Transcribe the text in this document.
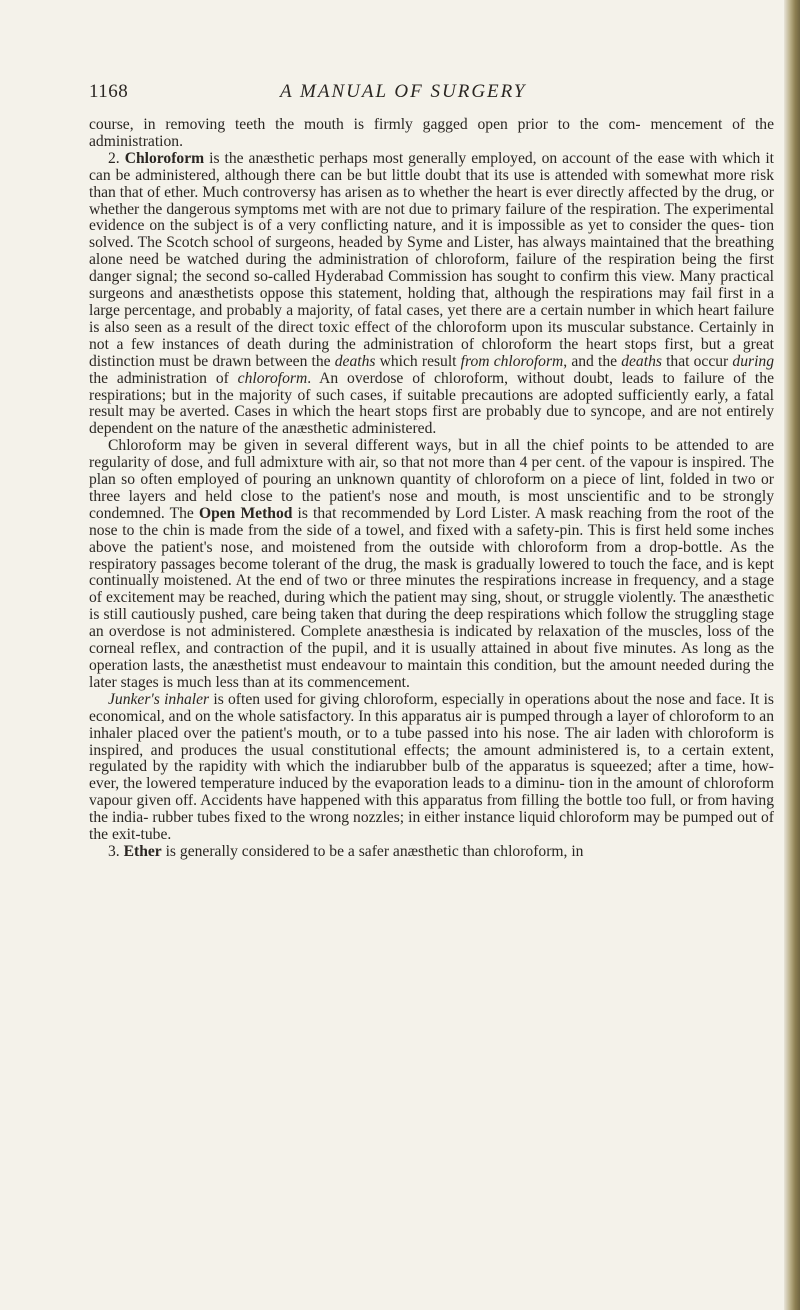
1168	A MANUAL OF SURGERY

course, in removing teeth the mouth is firmly gagged open prior to the com- mencement of the administration.

2. Chloroform is the anæsthetic perhaps most generally employed, on account of the ease with which it can be administered, although there can be but little doubt that its use is attended with somewhat more risk than that of ether. Much controversy has arisen as to whether the heart is ever directly affected by the drug, or whether the dangerous symptoms met with are not due to primary failure of the respiration. The experimental evidence on the subject is of a very conflicting nature, and it is impossible as yet to consider the ques- tion solved. The Scotch school of surgeons, headed by Syme and Lister, has always maintained that the breathing alone need be watched during the administration of chloroform, failure of the respiration being the first danger signal; the second so-called Hyderabad Commission has sought to confirm this view. Many practical surgeons and anæsthetists oppose this statement, holding that, although the respirations may fail first in a large percentage, and probably a majority, of fatal cases, yet there are a certain number in which heart failure is also seen as a result of the direct toxic effect of the chloroform upon its muscular substance. Certainly in not a few instances of death during the administration of chloroform the heart stops first, but a great distinction must be drawn between the deaths which result from chloroform, and the deaths that occur during the administration of chloroform. An overdose of chloroform, without doubt, leads to failure of the respirations; but in the majority of such cases, if suitable precautions are adopted sufficiently early, a fatal result may be averted. Cases in which the heart stops first are probably due to syncope, and are not entirely dependent on the nature of the anæsthetic administered.

Chloroform may be given in several different ways, but in all the chief points to be attended to are regularity of dose, and full admixture with air, so that not more than 4 per cent. of the vapour is inspired. The plan so often employed of pouring an unknown quantity of chloroform on a piece of lint, folded in two or three layers and held close to the patient's nose and mouth, is most unscientific and to be strongly condemned. The Open Method is that recommended by Lord Lister. A mask reaching from the root of the nose to the chin is made from the side of a towel, and fixed with a safety-pin. This is first held some inches above the patient's nose, and moistened from the outside with chloroform from a drop-bottle. As the respiratory passages become tolerant of the drug, the mask is gradually lowered to touch the face, and is kept continually moistened. At the end of two or three minutes the respirations increase in frequency, and a stage of excitement may be reached, during which the patient may sing, shout, or struggle violently. The anæsthetic is still cautiously pushed, care being taken that during the deep respirations which follow the struggling stage an overdose is not administered. Complete anæsthesia is indicated by relaxation of the muscles, loss of the corneal reflex, and contraction of the pupil, and it is usually attained in about five minutes. As long as the operation lasts, the anæsthetist must endeavour to maintain this condition, but the amount needed during the later stages is much less than at its commencement.

Junker's inhaler is often used for giving chloroform, especially in operations about the nose and face. It is economical, and on the whole satisfactory. In this apparatus air is pumped through a layer of chloroform to an inhaler placed over the patient's mouth, or to a tube passed into his nose. The air laden with chloroform is inspired, and produces the usual constitutional effects; the amount administered is, to a certain extent, regulated by the rapidity with which the indiarubber bulb of the apparatus is squeezed; after a time, how- ever, the lowered temperature induced by the evaporation leads to a diminu- tion in the amount of chloroform vapour given off. Accidents have happened with this apparatus from filling the bottle too full, or from having the india- rubber tubes fixed to the wrong nozzles; in either instance liquid chloroform may be pumped out of the exit-tube.

3. Ether is generally considered to be a safer anæsthetic than chloroform, in
